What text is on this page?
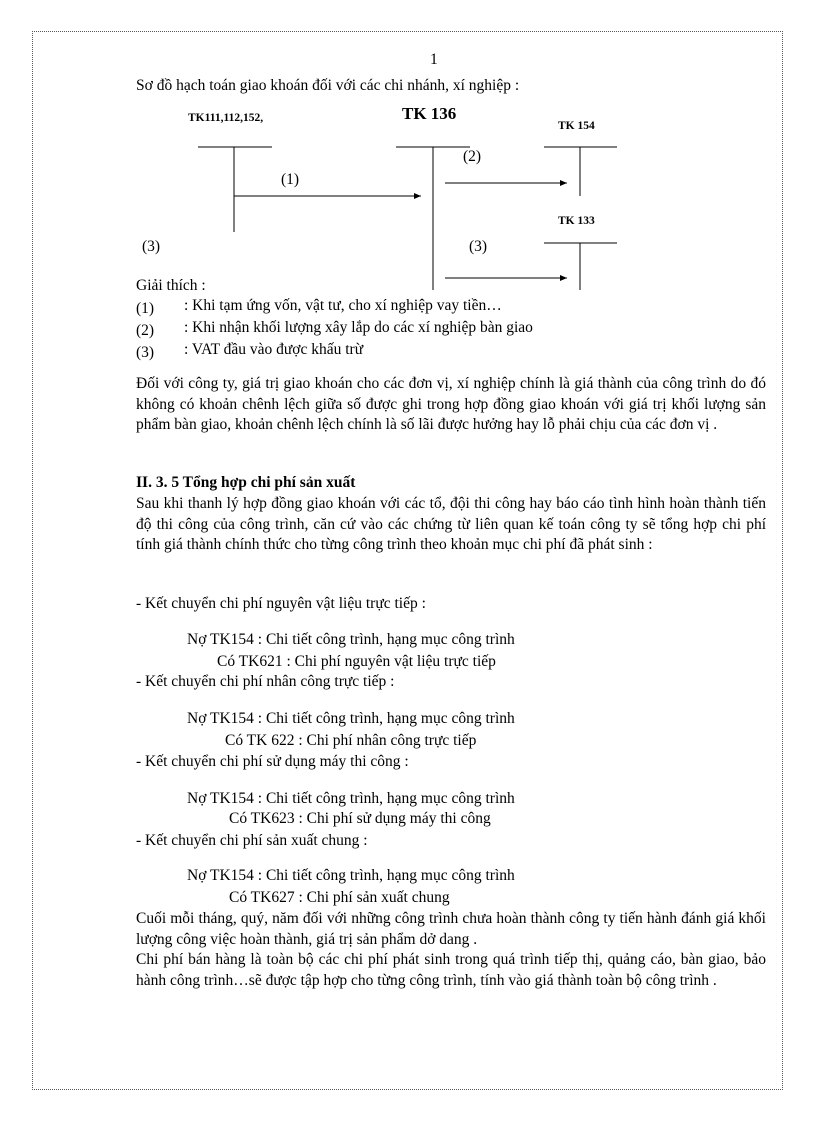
1
Sơ đồ hạch toán giao khoán đối với các chi nhánh, xí nghiệp :
TK111,112,152,	TK 136
TK 154
TK 133
(1)
(2)
(3)	(3)
Giải thích :
(1) : Khi tạm ứng vốn, vật tư, cho xí nghiệp vay tiền…
(2) : Khi nhận khối lượng xây lắp do các xí nghiệp bàn giao
(3) : VAT đầu vào được khấu trừ
Đối với công ty, giá trị giao khoán cho các đơn vị, xí nghiệp chính là giá thành của công trình do đó không có khoản chênh lệch giữa số được ghi trong hợp đồng giao khoán với giá trị khối lượng sản phẩm bàn giao, khoản chênh lệch chính là số lãi được hưởng hay lỗ phải chịu của các đơn vị .
II. 3. 5 Tổng hợp chi phí sản xuất
Sau khi thanh lý hợp đồng giao khoán với các tổ, đội thi công hay báo cáo tình hình hoàn thành tiến độ thi công của công trình, căn cứ vào các chứng từ liên quan kế toán công ty sẽ tổng hợp chi phí tính giá thành chính thức cho từng công trình theo khoản mục chi phí đã phát sinh :
- Kết chuyển chi phí nguyên vật liệu trực tiếp :
Nợ TK154 : Chi tiết công trình, hạng mục công trình
Có TK621 : Chi phí nguyên vật liệu trực tiếp
- Kết chuyển chi phí nhân công trực tiếp :
Nợ TK154 : Chi tiết công trình, hạng mục công trình
Có TK 622 : Chi phí nhân công trực tiếp
- Kết chuyển chi phí sử dụng máy thi công :
Nợ TK154 : Chi tiết công trình, hạng mục công trình
Có TK623 : Chi phí sử dụng máy thi công
- Kết chuyển chi phí sản xuất chung :
Nợ TK154 : Chi tiết công trình, hạng mục công trình
Có TK627 : Chi phí sản xuất chung
Cuối mỗi tháng, quý, năm đối với những công trình chưa hoàn thành công ty tiến hành đánh giá khối lượng công việc hoàn thành, giá trị sản phẩm dở dang .
Chi phí bán hàng là toàn bộ các chi phí phát sinh trong quá trình tiếp thị, quảng cáo, bàn giao, bảo hành công trình…sẽ được tập hợp cho từng công trình, tính vào giá thành toàn bộ công trình .
